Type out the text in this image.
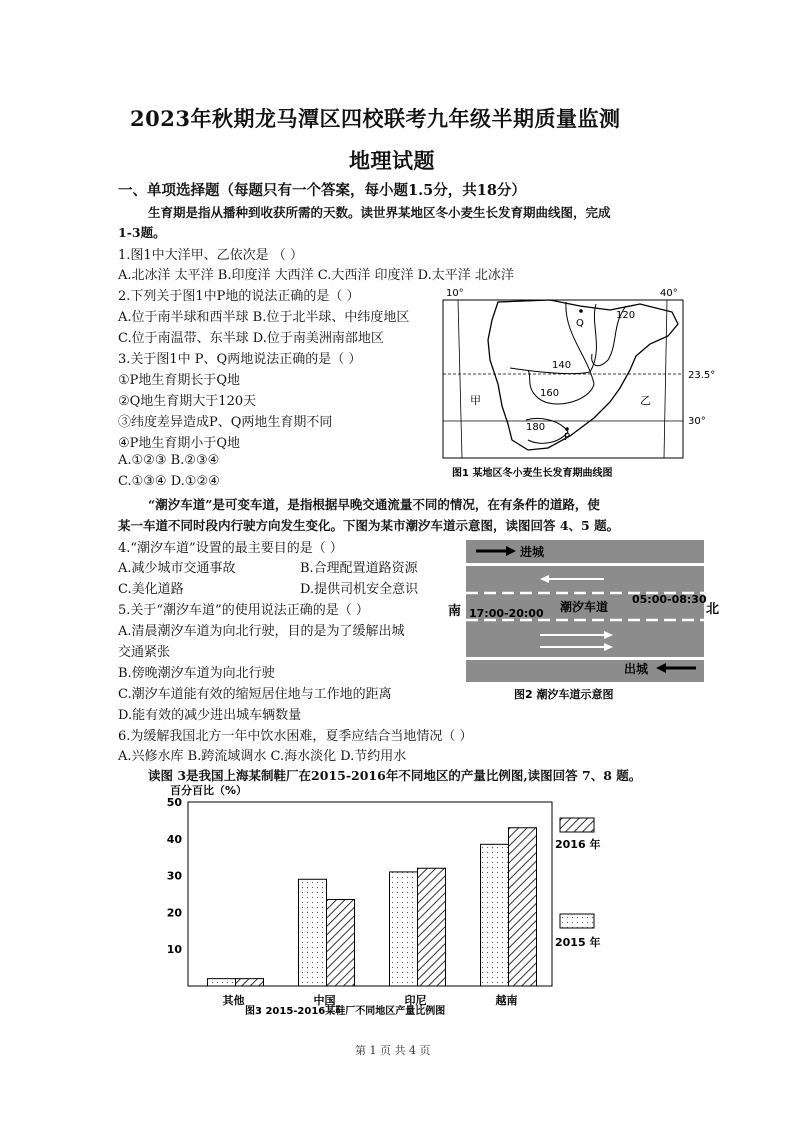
2023年秋期龙马潭区四校联考九年级半期质量监测
地理试题
一、单项选择题（每题只有一个答案，每小题1.5分，共18分）
生育期是指从播种到收获所需的天数。读世界某地区冬小麦生长发育期曲线图，完成
1-3题。
1.图1中大洋甲、乙依次是 （ ）
A.北冰洋 太平洋 B.印度洋 大西洋 C.大西洋 印度洋 D.太平洋 北冰洋
2.下列关于图1中P地的说法正确的是（ ）
A.位于南半球和西半球 B.位于北半球、中纬度地区
C.位于南温带、东半球 D.位于南美洲南部地区
3.关于图1中 P、Q两地说法正确的是（ ）
①P地生育期长于Q地
②Q地生育期大于120天
③纬度差异造成P、Q两地生育期不同
④P地生育期小于Q地
A.①②③ B.②③④
C.①③④ D.①②④
10°	40°
23.5°
30°
120
140
160
180
Q
P
甲	乙
图1 某地区冬小麦生长发育期曲线图
“潮汐车道”是可变车道，是指根据早晚交通流量不同的情况，在有条件的道路，使
某一车道不同时段内行驶方向发生变化。下图为某市潮汐车道示意图，读图回答 4、5 题。
4.“潮汐车道”设置的最主要目的是（ ）
A.减少城市交通事故	B.合理配置道路资源
C.美化道路	D.提供司机安全意识
5.关于“潮汐车道”的使用说法正确的是（ ）
A.清晨潮汐车道为向北行驶，目的是为了缓解出城
交通紧张
B.傍晚潮汐车道为向北行驶
C.潮汐车道能有效的缩短居住地与工作地的距离
D.能有效的减少进出城车辆数量
进城
南	北
17:00-20:00 潮汐车道
05:00-08:30
出城
图2 潮汐车道示意图
6.为缓解我国北方一年中饮水困难，夏季应结合当地情况（ ）
A.兴修水库 B.跨流域调水 C.海水淡化 D.节约用水
读图 3是我国上海某制鞋厂在2015-2016年不同地区的产量比例图,读图回答 7、8 题。
百分百比（%）
50
40
30
20
10
其他	中国	印尼	越南
2016 年
2015 年
图3 2015-2016某鞋厂不同地区产量比例图
第 1 页 共 4 页
